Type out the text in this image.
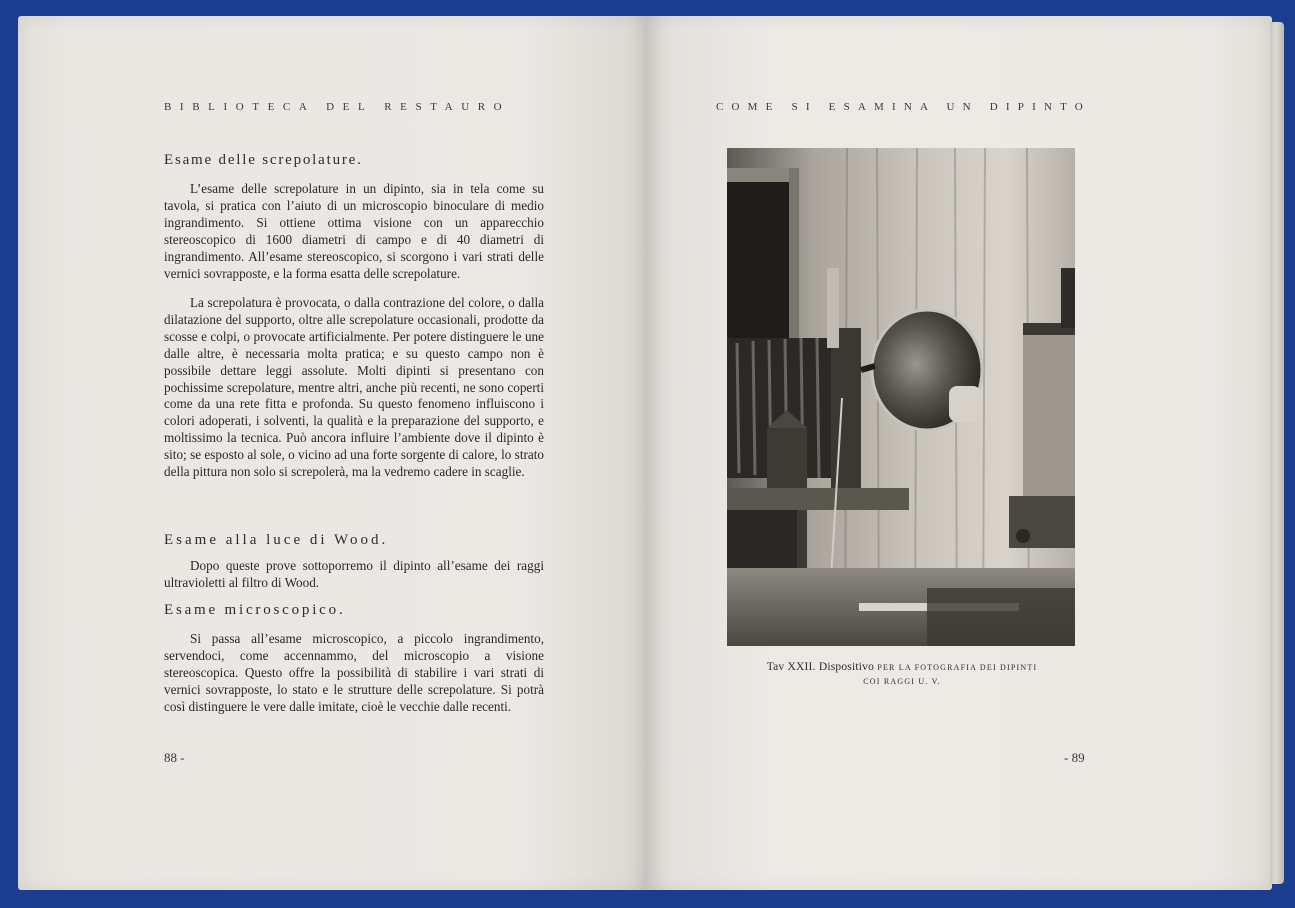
BIBLIOTECA DEL RESTAURO
Esame delle screpolature.

L’esame delle screpolature in un dipinto, sia in tela come su tavola, si pratica con l’aiuto di un microscopio binoculare di medio ingrandimento. Si ottiene ottima visione con un apparecchio stereoscopico di 1600 diametri di campo e di 40 diametri di ingrandimento. All’esame stereoscopico, si scorgono i vari strati delle vernici sovrapposte, e la forma esatta delle screpolature.

La screpolatura è provocata, o dalla contrazione del colore, o dalla dilatazione del supporto, oltre alle screpolature occasionali, prodotte da scosse e colpi, o provocate artificialmente. Per potere distinguere le une dalle altre, è necessaria molta pratica; e su questo campo non è possibile dettare leggi assolute. Molti dipinti si presentano con pochissime screpolature, mentre altri, anche più recenti, ne sono coperti come da una rete fitta e profonda. Su questo fenomeno influiscono i colori adoperati, i solventi, la qualità e la preparazione del supporto, e moltissimo la tecnica. Può ancora influire l’ambiente dove il dipinto è sito; se esposto al sole, o vicino ad una forte sorgente di calore, lo strato della pittura non solo si screpolerà, ma la vedremo cadere in scaglie.

Esame alla luce di Wood.

Dopo queste prove sottoporremo il dipinto all’esame dei raggi ultravioletti al filtro di Wood.

Esame microscopico.

Si passa all’esame microscopico, a piccolo ingrandimento, servendoci, come accennammo, del microscopio a visione stereoscopica. Questo offre la possibilità di stabilire i vari strati di vernici sovrapposte, lo stato e le strutture delle screpolature. Si potrà così distinguere le vere dalle imitate, cioè le vecchie dalle recenti.

88 -
COME SI ESAMINA UN DIPINTO
Tav XXII. Dispositivo PER LA FOTOGRAFIA DEI DIPINTI
COI RAGGI U. V.
- 89
